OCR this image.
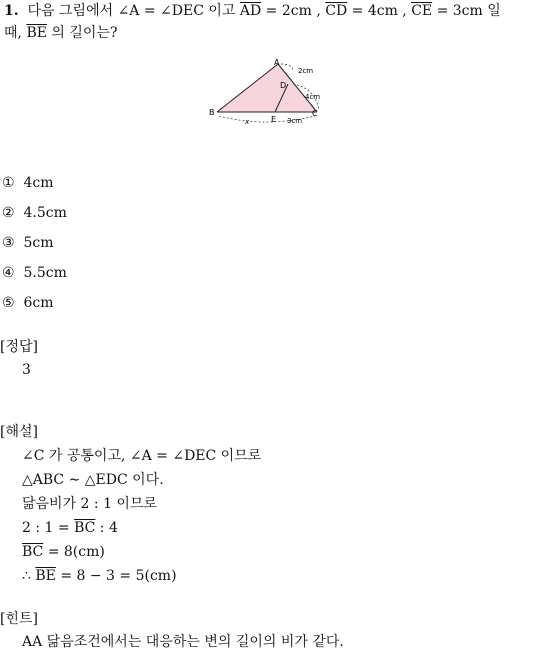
1. 다음 그림에서 ∠A = ∠DEC 이고 $\overline{AD} = 2cm$ , $\overline{CD} = 4cm$ , $\overline{CE} = 3cm$ 일
때, $\overline{BE}$ 의 길이는?
A
B	C
D
E
x
2cm
4cm
3cm
① 4cm
② 4.5cm
③ 5cm
④ 5.5cm
⑤ 6cm
[정답]
3
[해설]
∠C 가 공통이고, ∠A = ∠DEC 이므로
△ABC ∼ △EDC 이다.
닮음비가 2 : 1 이므로
2 : $1 = \overline{BC}$ : 4
$\overline{BC} = 8(cm)$
∴ $\overline{BE} = 8 - 3 = 5(cm)$
[힌트]
AA 닮음조건에서는 대응하는 변의 길이의 비가 같다.
